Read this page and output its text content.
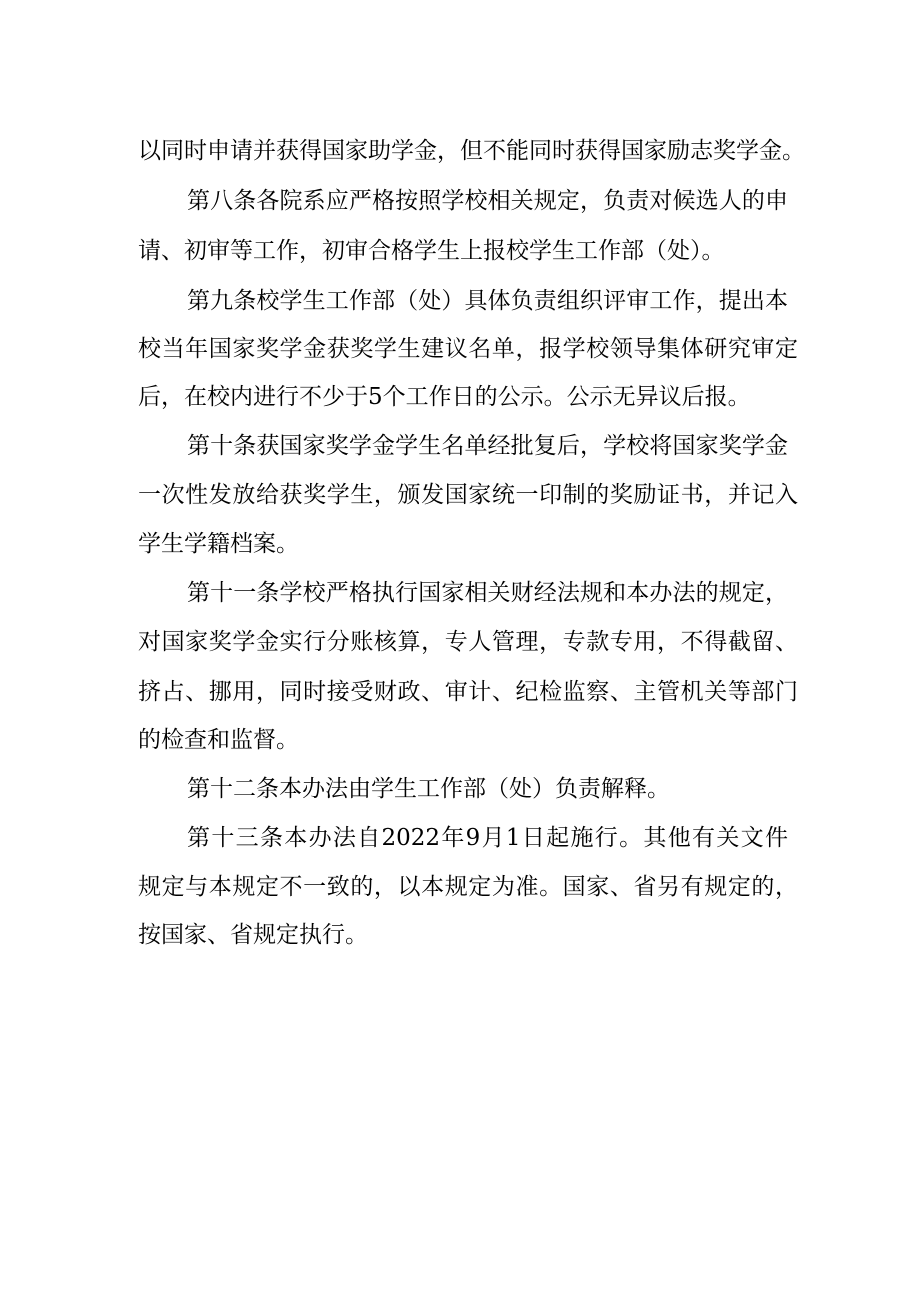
以同时申请并获得国家助学金，但不能同时获得国家励志奖学金。
第八条各院系应严格按照学校相关规定，负责对候选人的申
请、初审等工作，初审合格学生上报校学生工作部（处）。
第九条校学生工作部（处）具体负责组织评审工作，提出本
校当年国家奖学金获奖学生建议名单，报学校领导集体研究审定
后，在校内进行不少于5个工作日的公示。公示无异议后报。
第十条获国家奖学金学生名单经批复后，学校将国家奖学金
一次性发放给获奖学生，颁发国家统一印制的奖励证书，并记入
学生学籍档案。
第十一条学校严格执行国家相关财经法规和本办法的规定，
对国家奖学金实行分账核算，专人管理，专款专用，不得截留、
挤占、挪用，同时接受财政、审计、纪检监察、主管机关等部门
的检查和监督。
第十二条本办法由学生工作部（处）负责解释。
第十三条本办法自2022年9月1日起施行。其他有关文件
规定与本规定不一致的，以本规定为准。国家、省另有规定的，
按国家、省规定执行。
